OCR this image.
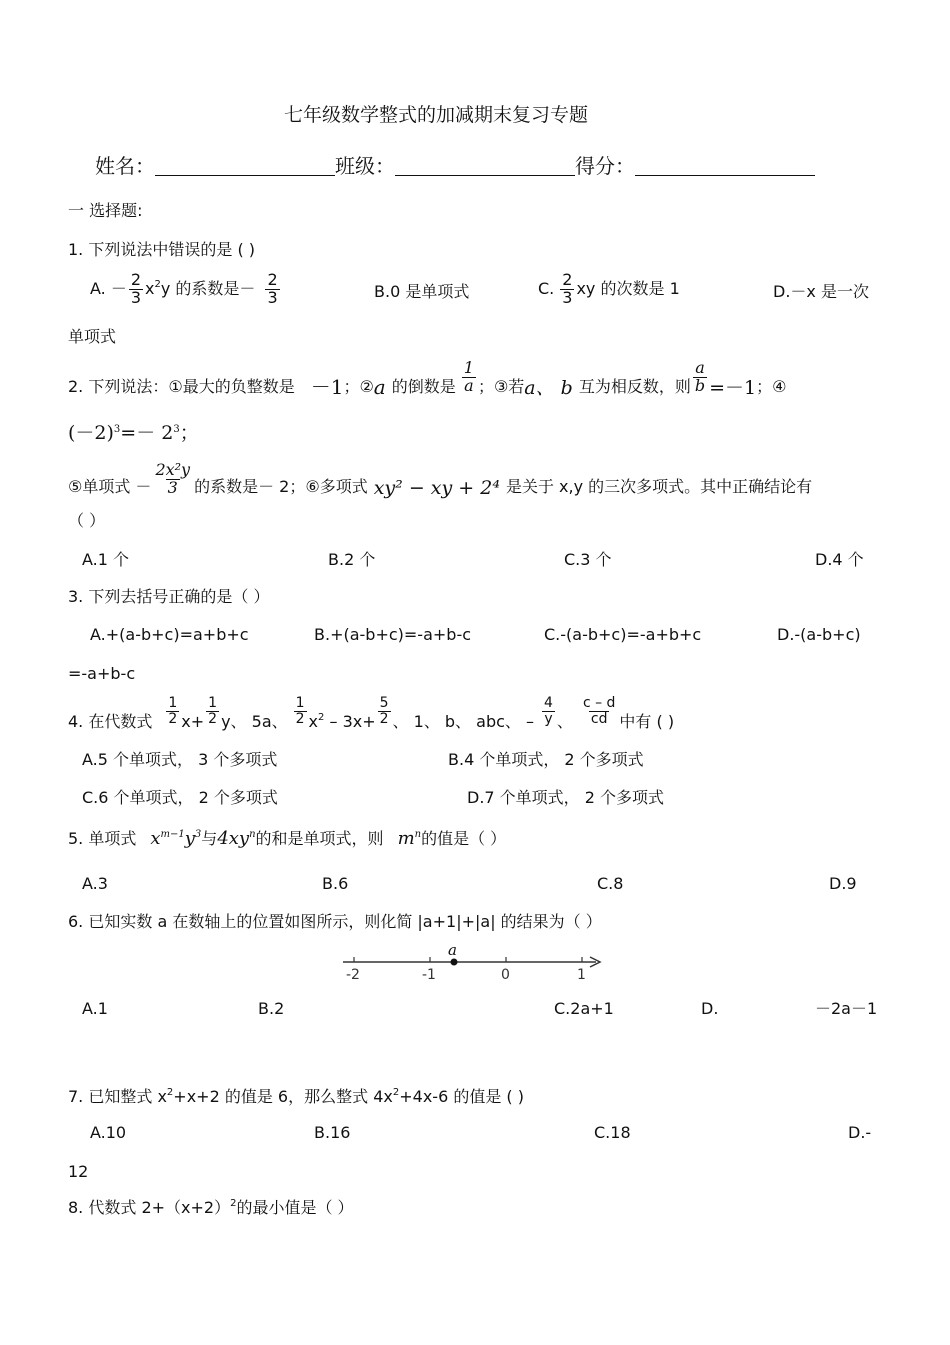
七年级数学整式的加减期末复习专题
姓名：	班级：	得分：
一 选择题:
1. 下列说法中错误的是 ( )
A. － $\frac{2}{3} x^2y$ 的系数是－ $\frac{2}{3}$	B.0 是单项式	C. $\frac{2}{3}$ xy 的次数是 1	D.－x 是一次
单项式
2. 下列说法：①最大的负整数是 －1；②a 的倒数是 $\frac{1}{a}$ ；③若a、 b 互为相反数，则 $\frac{a}{b} =-1$；④
$(-2)^3=- 2^3$；
⑤单项式 － $\frac{\text{2x²y}}{3}$ 的系数是－ 2；⑥多项式 xy² − xy + 2⁴ 是关于 x,y 的三次多项式。其中正确结论有
（ ）
A.1 个	B.2 个	C.3 个	D.4 个
3. 下列去括号正确的是（ ）
A.+(a-b+c)=a+b+c	B.+(a-b+c)=-a+b-c	C.-(a-b+c)=-a+b+c	D.-(a-b+c)
=-a+b-c
4. 在代数式 $\frac{1}{2} x+ \frac{1}{2}$ y、 5a、 $\frac{1}{2} x^2 - 3x+ \frac{5}{2}$ 、 1、 b、 abc、 – $\frac{4}{y}$ 、 $\frac{c - d}{cd}$ 中有 ( )
A.5 个单项式， 3 个多项式	B.4 个单项式， 2 个多项式
C.6 个单项式， 2 个多项式	D.7 个单项式， 2 个多项式
5. 单项式 $x^{m-1}y^3$与$4xy^n$的和是单项式，则 $m^n$的值是（ ）
A.3	B.6	C.8	D.9
6. 已知实数 a 在数轴上的位置如图所示，则化简 |a+1|+|a| 的结果为（ ）
a
-2	-1	0	1
A.1	B.2	C.2a+1	D.	－2a－1
7. 已知整式 $x^2+x+2$ 的值是 6，那么整式 $4x^2+4x-6$ 的值是 ( )
A.10	B.16	C.18	D.-
12
8. 代数式 $2+(x+2)^2$的最小值是（ ）
